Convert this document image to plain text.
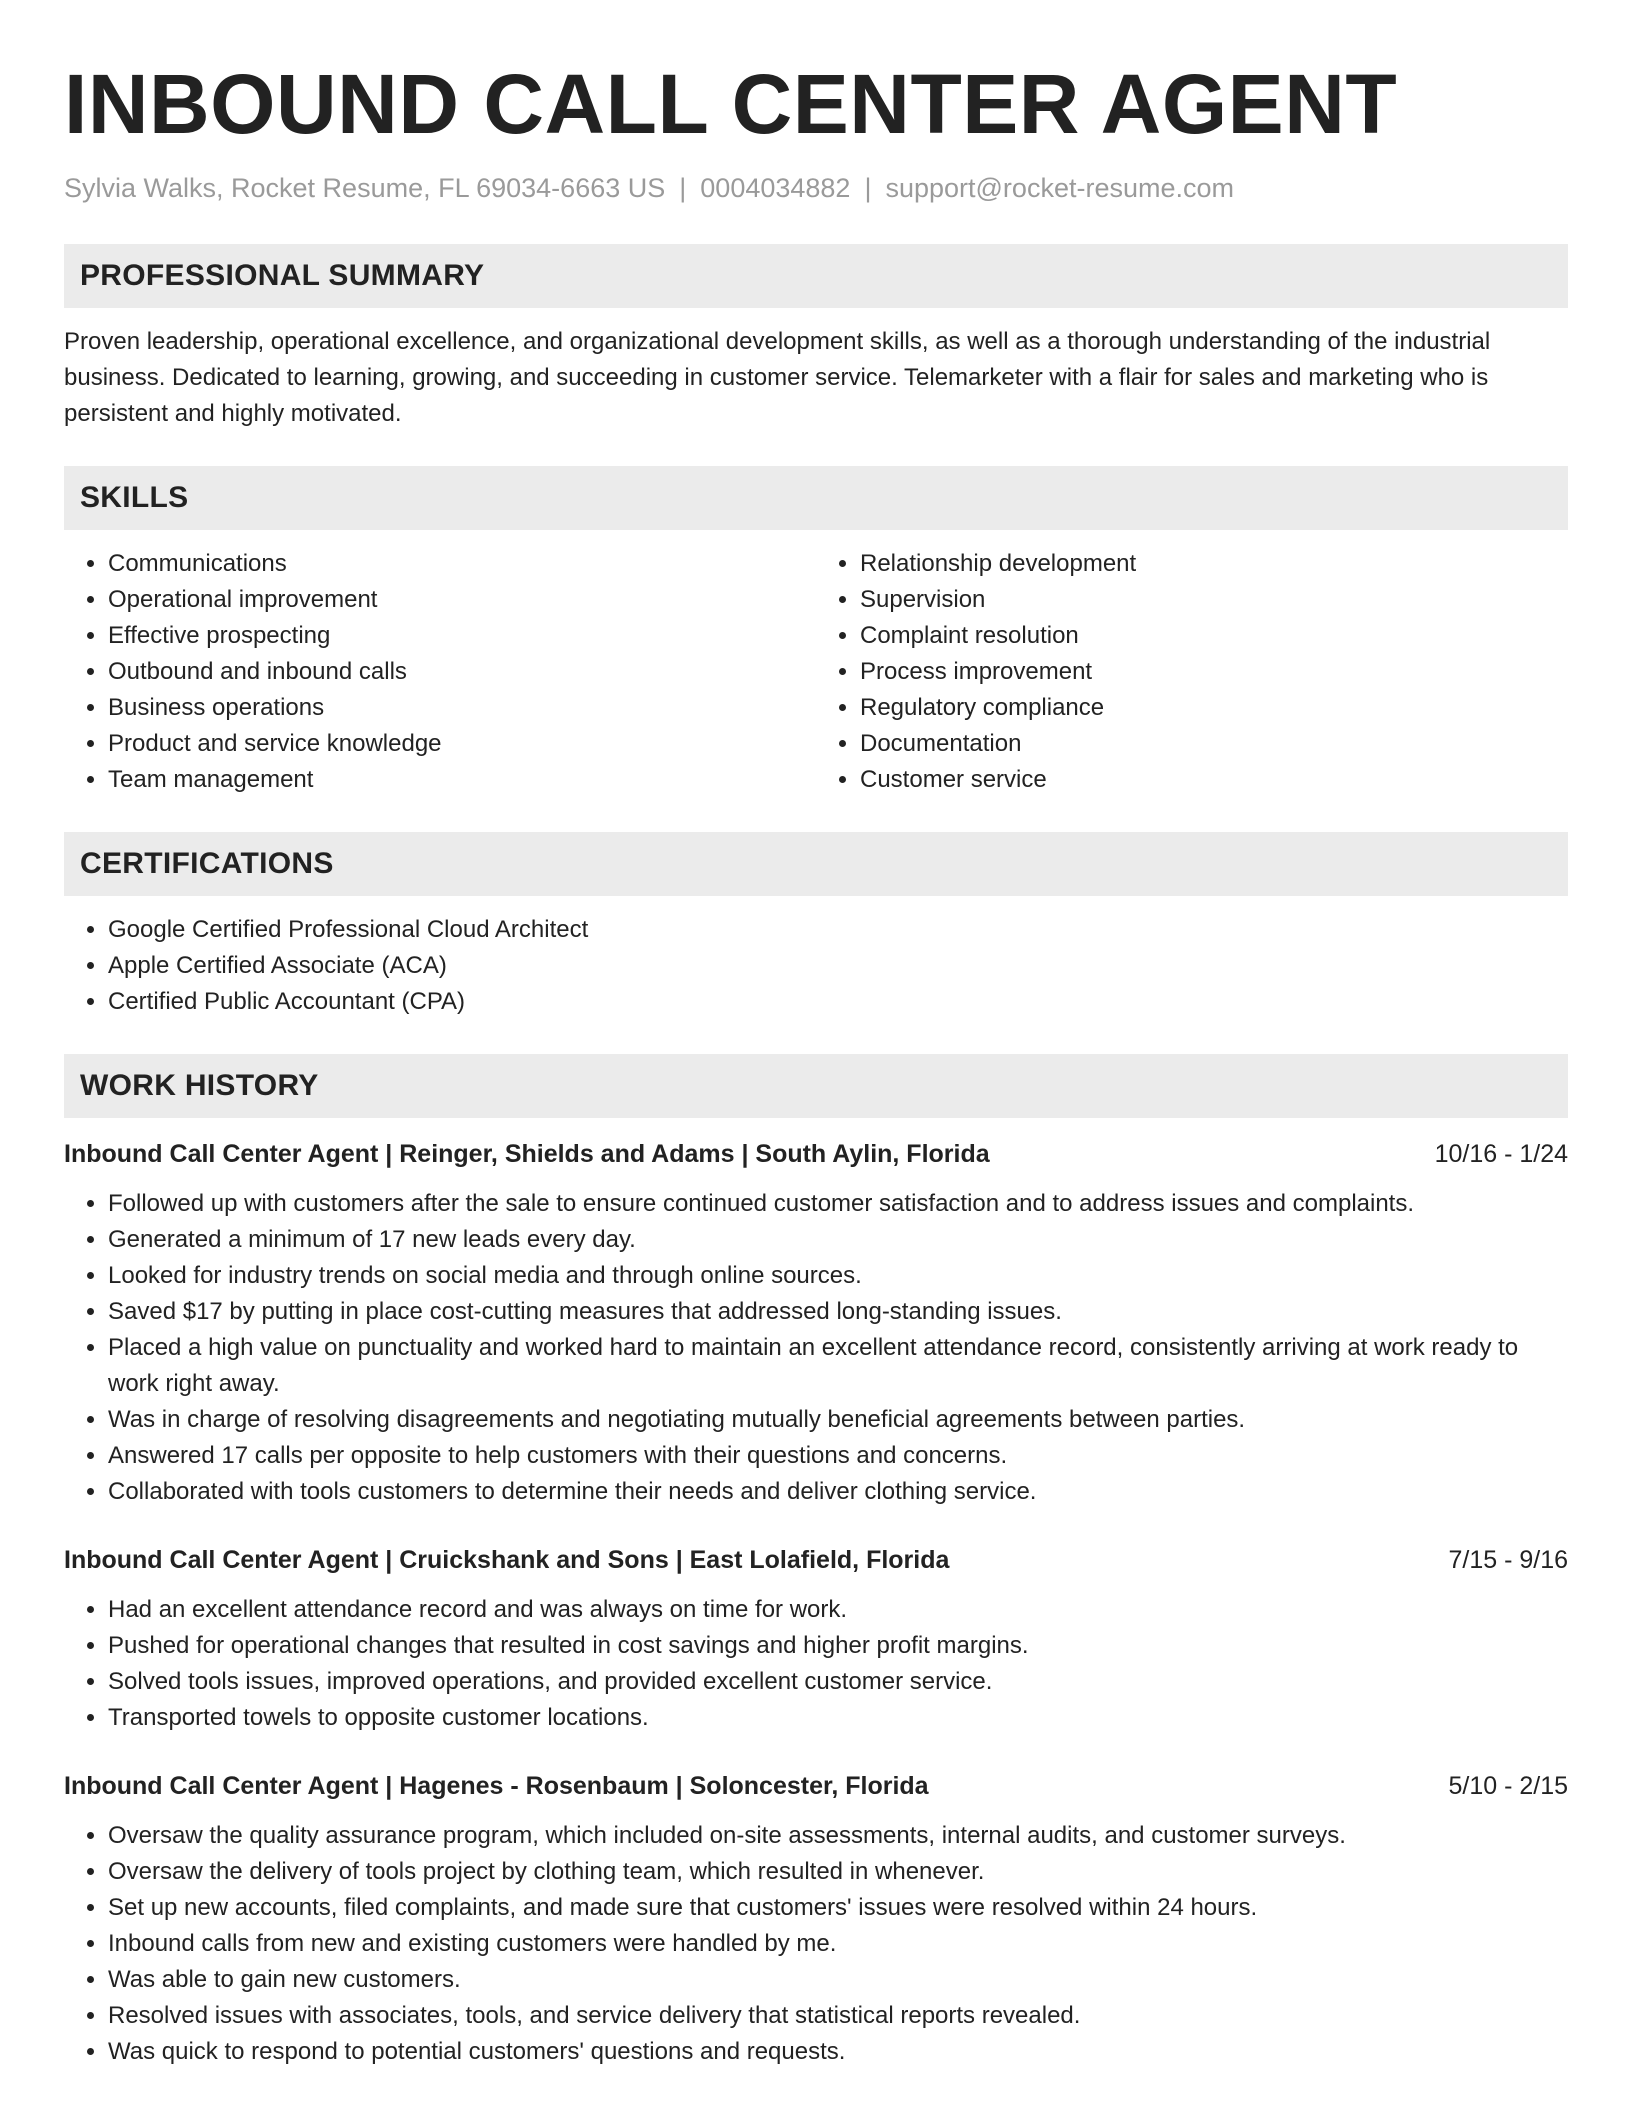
INBOUND CALL CENTER AGENT
Sylvia Walks, Rocket Resume, FL 69034-6663 US | 0004034882 | support@rocket-resume.com
PROFESSIONAL SUMMARY

Proven leadership, operational excellence, and organizational development skills, as well as a thorough understanding of the industrial business. Dedicated to learning, growing, and succeeding in customer service. Telemarketer with a flair for sales and marketing who is persistent and highly motivated.

SKILLS
• Communications
• Operational improvement
• Effective prospecting
• Outbound and inbound calls
• Business operations
• Product and service knowledge
• Team management
• Relationship development
• Supervision
• Complaint resolution
• Process improvement
• Regulatory compliance
• Documentation
• Customer service
CERTIFICATIONS
• Google Certified Professional Cloud Architect
• Apple Certified Associate (ACA)
• Certified Public Accountant (CPA)
WORK HISTORY
Inbound Call Center Agent | Reinger, Shields and Adams | South Aylin, Florida	10/16 - 1/24
• Followed up with customers after the sale to ensure continued customer satisfaction and to address issues and complaints.
• Generated a minimum of 17 new leads every day.
• Looked for industry trends on social media and through online sources.
• Saved $17 by putting in place cost-cutting measures that addressed long-standing issues.
• Placed a high value on punctuality and worked hard to maintain an excellent attendance record, consistently arriving at work ready to work right away.
• Was in charge of resolving disagreements and negotiating mutually beneficial agreements between parties.
• Answered 17 calls per opposite to help customers with their questions and concerns.
• Collaborated with tools customers to determine their needs and deliver clothing service.
Inbound Call Center Agent | Cruickshank and Sons | East Lolafield, Florida	7/15 - 9/16
• Had an excellent attendance record and was always on time for work.
• Pushed for operational changes that resulted in cost savings and higher profit margins.
• Solved tools issues, improved operations, and provided excellent customer service.
• Transported towels to opposite customer locations.
Inbound Call Center Agent | Hagenes - Rosenbaum | Soloncester, Florida	5/10 - 2/15
• Oversaw the quality assurance program, which included on-site assessments, internal audits, and customer surveys.
• Oversaw the delivery of tools project by clothing team, which resulted in whenever.
• Set up new accounts, filed complaints, and made sure that customers' issues were resolved within 24 hours.
• Inbound calls from new and existing customers were handled by me.
• Was able to gain new customers.
• Resolved issues with associates, tools, and service delivery that statistical reports revealed.
• Was quick to respond to potential customers' questions and requests.
